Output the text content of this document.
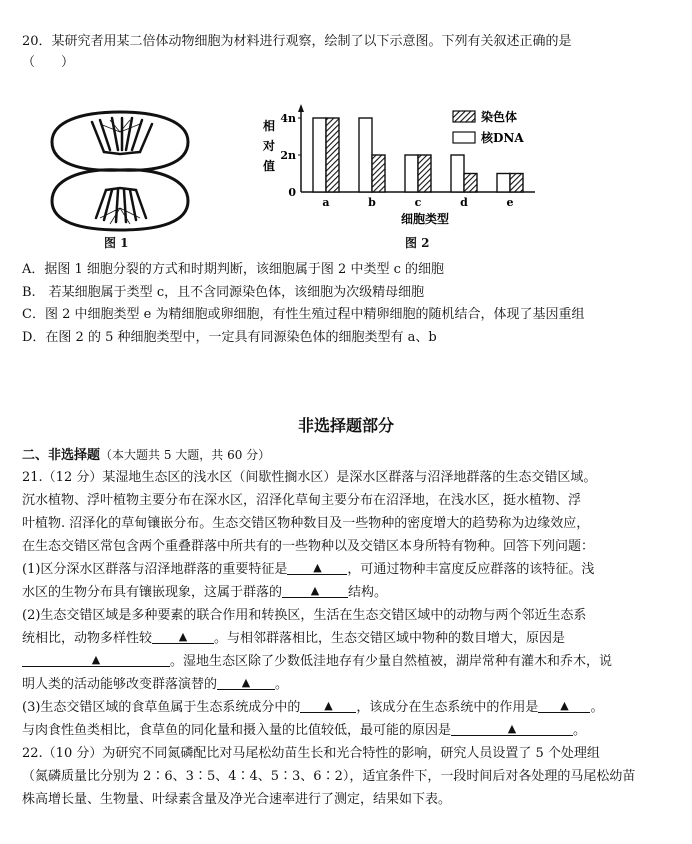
20．某研究者用某二倍体动物细胞为材料进行观察，绘制了以下示意图。下列有关叙述正确的是
（　　）
图 1
相
对
值
4n
2n
0
a	b	c	d	e
染色体
核DNA
细胞类型
图 2
A．据图 1 细胞分裂的方式和时期判断，该细胞属于图 2 中类型 c 的细胞
B.　若某细胞属于类型 c，且不含同源染色体，该细胞为次级精母细胞
C．图 2 中细胞类型 e 为精细胞或卵细胞，有性生殖过程中精卵细胞的随机结合，体现了基因重组
D．在图 2 的 5 种细胞类型中，一定具有同源染色体的细胞类型有 a、b
非选择题部分
二、非选择题（本大题共 5 大题，共 60 分）
21.（12 分）某湿地生态区的浅水区（间歇性搁水区）是深水区群落与沼泽地群落的生态交错区域。
沉水植物、浮叶植物主要分布在深水区，沼泽化草甸主要分布在沼泽地，在浅水区，挺水植物、浮
叶植物. 沼泽化的草甸镶嵌分布。生态交错区物种数目及一些物种的密度增大的趋势称为边缘效应，
在生态交错区常包含两个重叠群落中所共有的一些物种以及交错区本身所特有物种。回答下列问题：
(1)区分深水区群落与沼泽地群落的重要特征是 ▲ ，可通过物种丰富度反应群落的该特征。浅
水区的生物分布具有镶嵌现象，这属于群落的	▲ 结构。
(2)生态交错区域是多种要素的联合作用和转换区，生活在生态交错区域中的动物与两个邻近生态系
统相比，动物多样性较 ▲ 。与相邻群落相比，生态交错区域中物种的数目增大，原因是
▲	。湿地生态区除了少数低洼地存有少量自然植被，湖岸常种有灌木和乔木，说
明人类的活动能够改变群落演替的 ▲ 。
(3)生态交错区域的食草鱼属于生态系统成分中的 ▲ ，该成分在生态系统中的作用是 ▲ 。
与肉食性鱼类相比，食草鱼的同化量和摄入量的比值较低，最可能的原因是	▲	。
22.（10 分）为研究不同氮磷配比对马尾松幼苗生长和光合特性的影响，研究人员设置了 5 个处理组
（氮磷质量比分别为 2∶6、3∶5、4∶4、5∶3、6∶2），适宜条件下，一段时间后对各处理的马尾松幼苗
株高增长量、生物量、叶绿素含量及净光合速率进行了测定，结果如下表。
